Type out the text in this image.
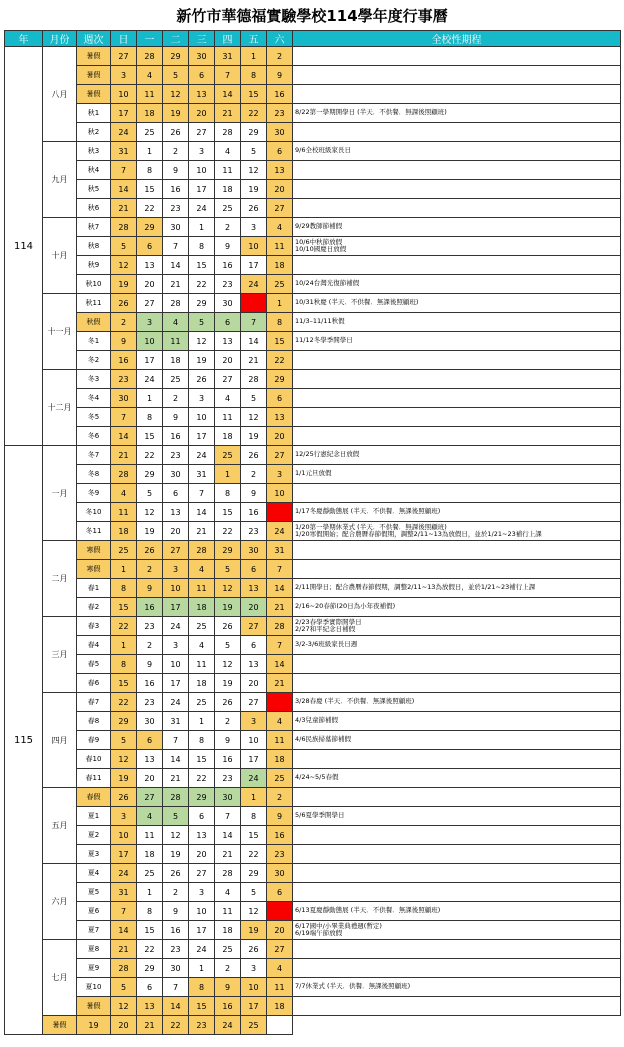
新竹市華德福實驗學校114學年度行事曆
年	月份	週次	日	一	二	三	四	五	六	全校性期程
114	八月	暑假	27	28	29	30	31	1	2	
		暑假	3	4	5	6	7	8	9	
		暑假	10	11	12	13	14	15	16	
		秋1	17	18	19	20	21	22	23	8/22第一學期開學日 (半天．不供餐．無課後照顧班)
		秋2	24	25	26	27	28	29	30	
	九月	秋3	31	1	2	3	4	5	6	9/6全校班級家長日
		秋4	7	8	9	10	11	12	13	
		秋5	14	15	16	17	18	19	20	
		秋6	21	22	23	24	25	26	27	
	十月	秋7	28	29	30	1	2	3	4	9/29教師節補假
		秋8	5	6	7	8	9	10	11	10/6中秋節放假
10/10國慶日放假
		秋9	12	13	14	15	16	17	18	
		秋10	19	20	21	22	23	24	25	10/24台灣光復節補假
	十一月	秋11	26	27	28	29	30	31	1	10/31秋慶 (半天．不供餐．無課後照顧班)
		秋假	2	3	4	5	6	7	8	11/3–11/11秋假
		冬1	9	10	11	12	13	14	15	11/12冬學季開學日
		冬2	16	17	18	19	20	21	22	
	十二月	冬3	23	24	25	26	27	28	29	
		冬4	30	1	2	3	4	5	6	
		冬5	7	8	9	10	11	12	13	
		冬6	14	15	16	17	18	19	20	
115	一月	冬7	21	22	23	24	25	26	27	12/25行憲紀念日放假
		冬8	28	29	30	31	1	2	3	1/1元旦放假
		冬9	4	5	6	7	8	9	10	
		冬10	11	12	13	14	15	16	17	1/17冬慶靜動態展 (半天．不供餐．無課後照顧班)
		冬11	18	19	20	21	22	23	24	1/20第一學期休業式 (半天．不供餐．無課後照顧班)
1/20寒假開始；配合農曆春節假期，調整2/11~13為放假日，並於1/21~23補行上課
	二月	寒假	25	26	27	28	29	30	31	
		寒假	1	2	3	4	5	6	7	
		春1	8	9	10	11	12	13	14	2/11開學日；配合農曆春節假期，調整2/11~13為放假日，並於1/21~23補行上課
		春2	15	16	17	18	19	20	21	2/16~20春節(20日為小年夜補假)
	三月	春3	22	23	24	25	26	27	28	2/23春學季實際開學日
2/27和平紀念日補假
		春4	1	2	3	4	5	6	7	3/2-3/6班級家長日週
		春5	8	9	10	11	12	13	14	
		春6	15	16	17	18	19	20	21	
	四月	春7	22	23	24	25	26	27	28	3/28春慶 (半天．不供餐．無課後照顧班)
		春8	29	30	31	1	2	3	4	4/3兒童節補假
		春9	5	6	7	8	9	10	11	4/6民族掃墓節補假
		春10	12	13	14	15	16	17	18	
		春11	19	20	21	22	23	24	25	4/24~5/5春假
	五月	春假	26	27	28	29	30	1	2	
		夏1	3	4	5	6	7	8	9	5/6夏學季開學日
		夏2	10	11	12	13	14	15	16	
		夏3	17	18	19	20	21	22	23	
	六月	夏4	24	25	26	27	28	29	30	
		夏5	31	1	2	3	4	5	6	
		夏6	7	8	9	10	11	12	13	6/13夏慶靜動態展 (半天．不供餐．無課後照顧班)
		夏7	14	15	16	17	18	19	20	6/17國中/小畢業典禮週(暫定)
6/19端午節放假
	七月	夏8	21	22	23	24	25	26	27	
		夏9	28	29	30	1	2	3	4	
		夏10	5	6	7	8	9	10	11	7/7休業式 (半天．供餐．無課後照顧班)
		暑假	12	13	14	15	16	17	18	
	暑假	19	20	21	22	23	24	25		
